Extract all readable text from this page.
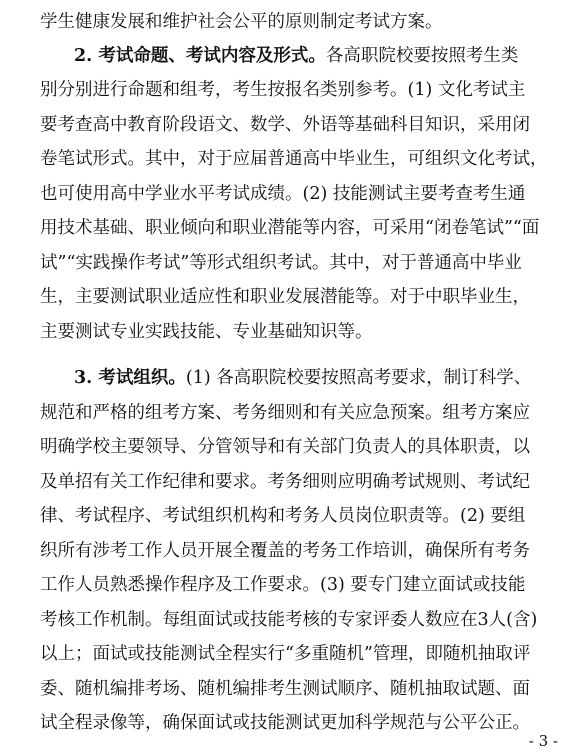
学生健康发展和维护社会公平的原则制定考试方案。
2. 考试命题、考试内容及形式。各高职院校要按照考生类
别分别进行命题和组考，考生按报名类别参考。(1) 文化考试主
要考查高中教育阶段语文、数学、外语等基础科目知识，采用闭
卷笔试形式。其中，对于应届普通高中毕业生，可组织文化考试，
也可使用高中学业水平考试成绩。(2) 技能测试主要考查考生通
用技术基础、职业倾向和职业潜能等内容，可采用“闭卷笔试”“面
试”“实践操作考试”等形式组织考试。其中，对于普通高中毕业
生，主要测试职业适应性和职业发展潜能等。对于中职毕业生，
主要测试专业实践技能、专业基础知识等。
3. 考试组织。(1) 各高职院校要按照高考要求，制订科学、
规范和严格的组考方案、考务细则和有关应急预案。组考方案应
明确学校主要领导、分管领导和有关部门负责人的具体职责，以
及单招有关工作纪律和要求。考务细则应明确考试规则、考试纪
律、考试程序、考试组织机构和考务人员岗位职责等。(2) 要组
织所有涉考工作人员开展全覆盖的考务工作培训，确保所有考务
工作人员熟悉操作程序及工作要求。(3) 要专门建立面试或技能
考核工作机制。每组面试或技能考核的专家评委人数应在3人(含)
以上；面试或技能测试全程实行“多重随机”管理，即随机抽取评
委、随机编排考场、随机编排考生测试顺序、随机抽取试题、面
试全程录像等，确保面试或技能测试更加科学规范与公平公正。
- 3 -
